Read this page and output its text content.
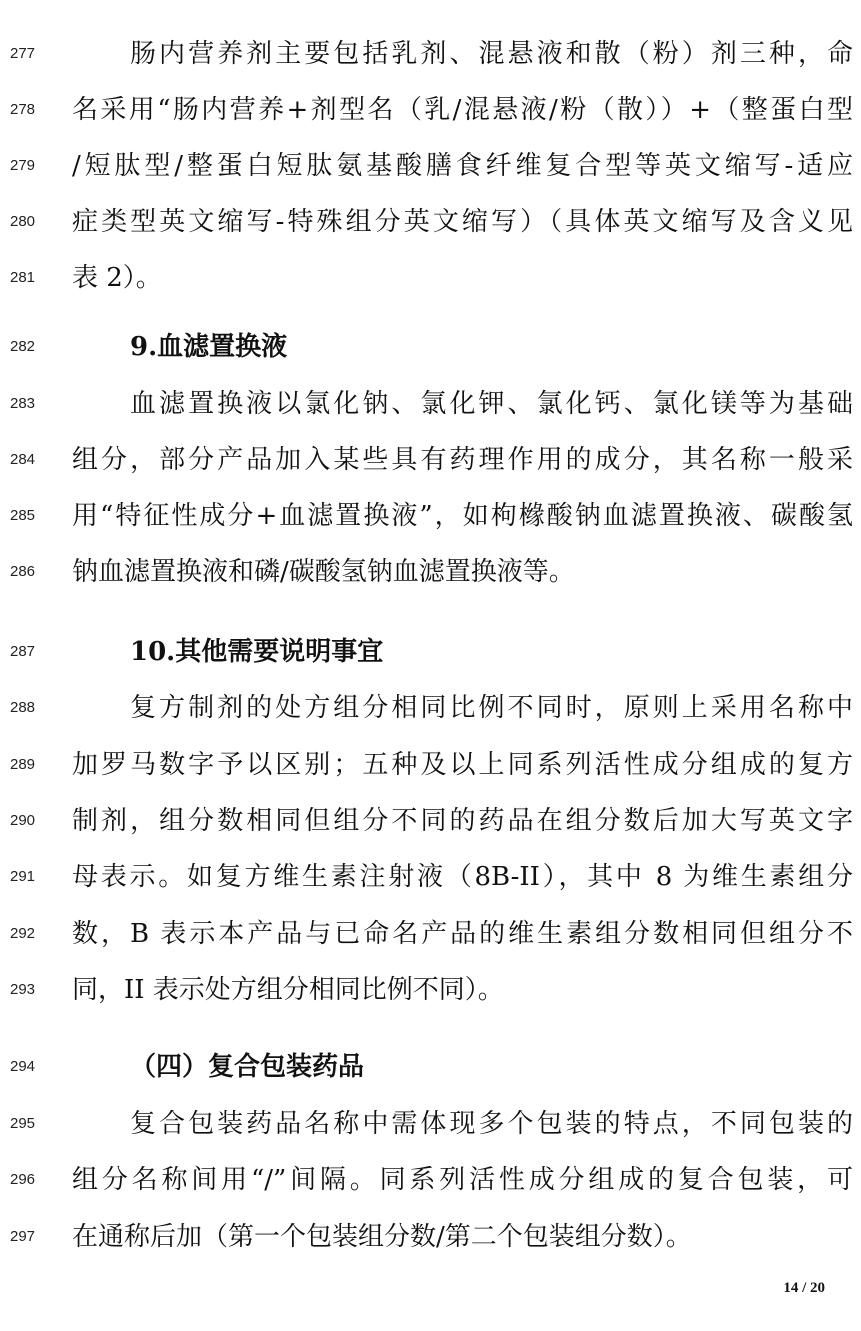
277	肠内营养剂主要包括乳剂、混悬液和散（粉）剂三种，命
278	名采用“肠内营养+剂型名（乳/混悬液/粉（散））+（整蛋白型
279	/短肽型/整蛋白短肽氨基酸膳食纤维复合型等英文缩写-适应
280	症类型英文缩写-特殊组分英文缩写）（具体英文缩写及含义见
281	表 2）。
282	9.血滤置换液
283	血滤置换液以氯化钠、氯化钾、氯化钙、氯化镁等为基础
284	组分，部分产品加入某些具有药理作用的成分，其名称一般采
285	用“特征性成分+血滤置换液”，如枸橼酸钠血滤置换液、碳酸氢
286	钠血滤置换液和磷/碳酸氢钠血滤置换液等。
287	10.其他需要说明事宜
288	复方制剂的处方组分相同比例不同时，原则上采用名称中
289	加罗马数字予以区别；五种及以上同系列活性成分组成的复方
290	制剂，组分数相同但组分不同的药品在组分数后加大写英文字
291	母表示。如复方维生素注射液（8B-II），其中 8 为维生素组分
292	数，B 表示本产品与已命名产品的维生素组分数相同但组分不
293	同，II 表示处方组分相同比例不同）。
294	（四）复合包装药品
295	复合包装药品名称中需体现多个包装的特点，不同包装的
296	组分名称间用“/”间隔。同系列活性成分组成的复合包装，可
297	在通称后加（第一个包装组分数/第二个包装组分数）。
14 / 20
